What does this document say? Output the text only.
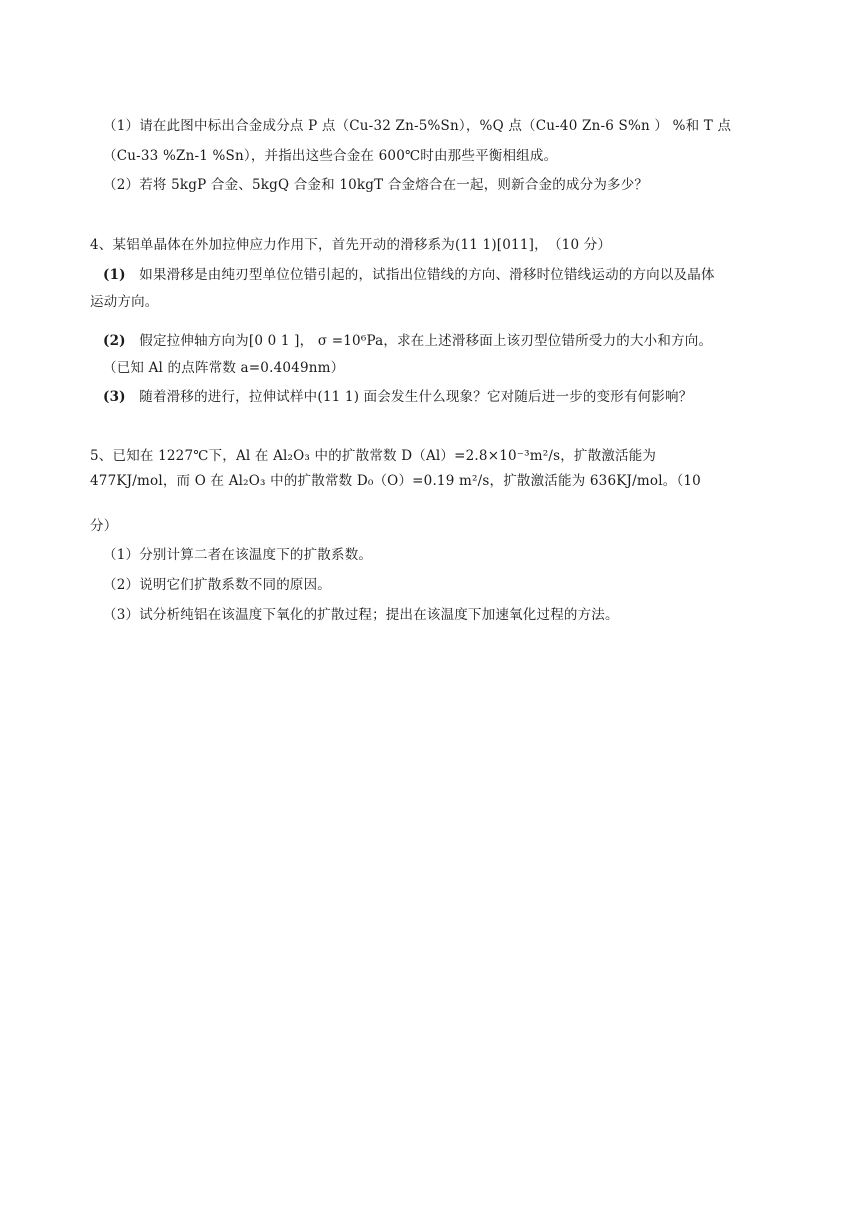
（1）请在此图中标出合金成分点 P 点（Cu-32 Zn-5%Sn），%Q 点（Cu-40 Zn-6 S%n ） %和 T 点
（Cu-33 %Zn-1 %Sn），并指出这些合金在 600℃时由那些平衡相组成。
（2）若将 5kgP 合金、5kgQ 合金和 10kgT 合金熔合在一起，则新合金的成分为多少？
4、某铝单晶体在外加拉伸应力作用下，首先开动的滑移系为(11 1)[011]，　（10 分）
(1) 如果滑移是由纯刃型单位位错引起的，试指出位错线的方向、滑移时位错线运动的方向以及晶体
运动方向。
(2) 假定拉伸轴方向为[0 0 1 ]， σ =10⁶Pa，求在上述滑移面上该刃型位错所受力的大小和方向。
（已知 Al 的点阵常数 a=0.4049nm）
(3) 随着滑移的进行，拉伸试样中(11 1) 面会发生什么现象？它对随后进一步的变形有何影响？
5、已知在 1227℃下，Al 在 Al₂O₃ 中的扩散常数 D（Al）=2.8×10⁻³m²/s，扩散激活能为
477KJ/mol，而 O 在 Al₂O₃ 中的扩散常数 D₀（O）=0.19 m²/s，扩散激活能为 636KJ/mol。（10
分）
（1）分别计算二者在该温度下的扩散系数。
（2）说明它们扩散系数不同的原因。
（3）试分析纯铝在该温度下氧化的扩散过程；提出在该温度下加速氧化过程的方法。
